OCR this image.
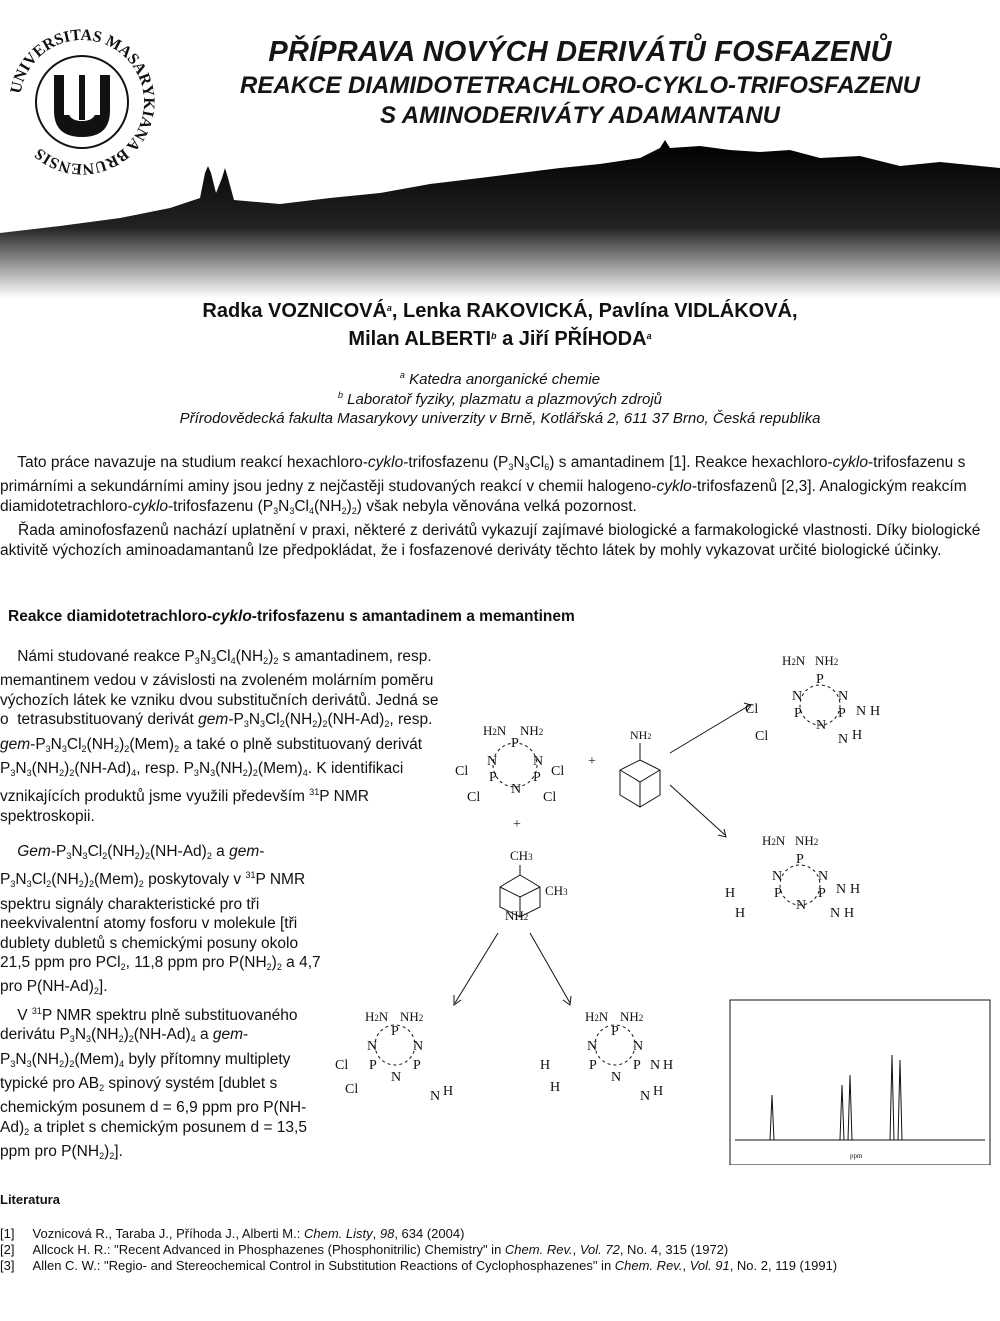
UNIVERSITAS MASARYKIANA BRUNENSIS
PŘÍPRAVA NOVÝCH DERIVÁTŮ FOSFAZENŮ
REAKCE DIAMIDOTETRACHLORO-CYKLO-TRIFOSFAZENU
S AMINODERIVÁTY ADAMANTANU
Radka VOZNICOVÁ$^a$, Lenka RAKOVICKÁ, Pavlína VIDLÁKOVÁ,
Milan ALBERTI$^b$ a Jiří PŘÍHODA$^a$
$^a$ Katedra anorganické chemie
$^b$ Laboratoř fyziky, plazmatu a plazmových zdrojů
Přírodovědecká fakulta Masarykovy univerzity v Brně, Kotlářská 2, 611 37 Brno, Česká republika
Tato práce navazuje na studium reakcí hexachloro-cyklo-trifosfazenu $(P_3N_3Cl_6)$ s amantadinem [1]. Reakce hexachloro-cyklo-trifosfazenu s primárními a sekundárními aminy jsou jedny z nejčastěji studovaných reakcí v chemii halogeno-cyklo-trifosfazenů [2,3]. Analogickým reakcím diamidotetrachloro-cyklo-trifosfazenu $(P_3N_3Cl_4(NH_2)_2)$ však nebyla věnována velká pozornost.
Řada aminofosfazenů nachází uplatnění v praxi, některé z derivátů vykazují zajímavé biologické a farmakologické vlastnosti. Díky biologické aktivitě výchozích aminoadamantanů lze předpokládat, že i fosfazenové deriváty těchto látek by mohly vykazovat určité biologické účinky.
Reakce diamidotetrachloro-cyklo-trifosfazenu s amantadinem a memantinem
Námi studované reakce $P_3N_3Cl_4(NH_2)_2$ s amantadinem, resp. memantinem vedou v závislosti na zvoleném molárním poměru výchozích látek ke vzniku dvou substitučních derivátů. Jedná se o  tetrasubstituovaný derivát gem-$P_3N_3Cl_2(NH_2)_2(NH-Ad)_2$, resp. gem-$P_3N_3Cl_2(NH_2)_2(Mem)_2$ a také o plně substituovaný derivát $P_3N_3(NH_2)_2(NH-Ad)_4$, resp. $P_3N_3(NH_2)_2(Mem)_4$. K identifikaci vznikajících produktů jsme využili především $^{31}$P NMR spektroskopii.
Gem-$P_3N_3Cl_2(NH_2)_2(NH-Ad)_2$ a gem-$P_3N_3Cl_2(NH_2)_2(Mem)_2$ poskytovaly v $^{31}$P NMR spektru signály charakteristické pro tři neekvivalentní atomy fosforu v molekule [tři dublety dubletů s chemickými posuny okolo 21,5 ppm pro PCl$_2$, 11,8 ppm pro $P(NH_2)_2$ a 4,7 pro $P(NH-Ad)_2$].
V $^{31}$P NMR spektru plně substituovaného derivátu $P_3N_3(NH_2)_2(NH-Ad)_4$ a gem-$P_3N_3(NH_2)_2(Mem)_4$ byly přítomny multiplety typické pro $AB_2$ spinový systém [dublet s chemickým posunem d = 6,9 ppm pro $P(NH-Ad)_2$ a triplet s chemickým posunem d = 13,5 ppm pro $P(NH_2)_2$].
H2N NH2
P
N	N
P	P
N
Cl	Cl
Cl	Cl
+
+
NH2
CH3
CH3
NH2
H2N NH2
P
N	N
P	P
N
Cl
Cl
N H
N H
H2N NH2
P
N	N
P	P
N
H
H
N H
N H
H2N NH2
P
N	N
P	P
N
Cl
Cl	N H
H2N NH2
P
N	N
P	P
N
H
H
N H
N H
ppm
Literatura
[1]     Voznicová R., Taraba J., Příhoda J., Alberti M.: Chem. Listy, 98, 634 (2004)
[2]     Allcock H. R.: "Recent Advanced in Phosphazenes (Phosphonitrilic) Chemistry" in Chem. Rev., Vol. 72, No. 4, 315 (1972)
[3]     Allen C. W.: "Regio- and Stereochemical Control in Substitution Reactions of Cyclophosphazenes" in Chem. Rev., Vol. 91, No. 2, 119 (1991)
